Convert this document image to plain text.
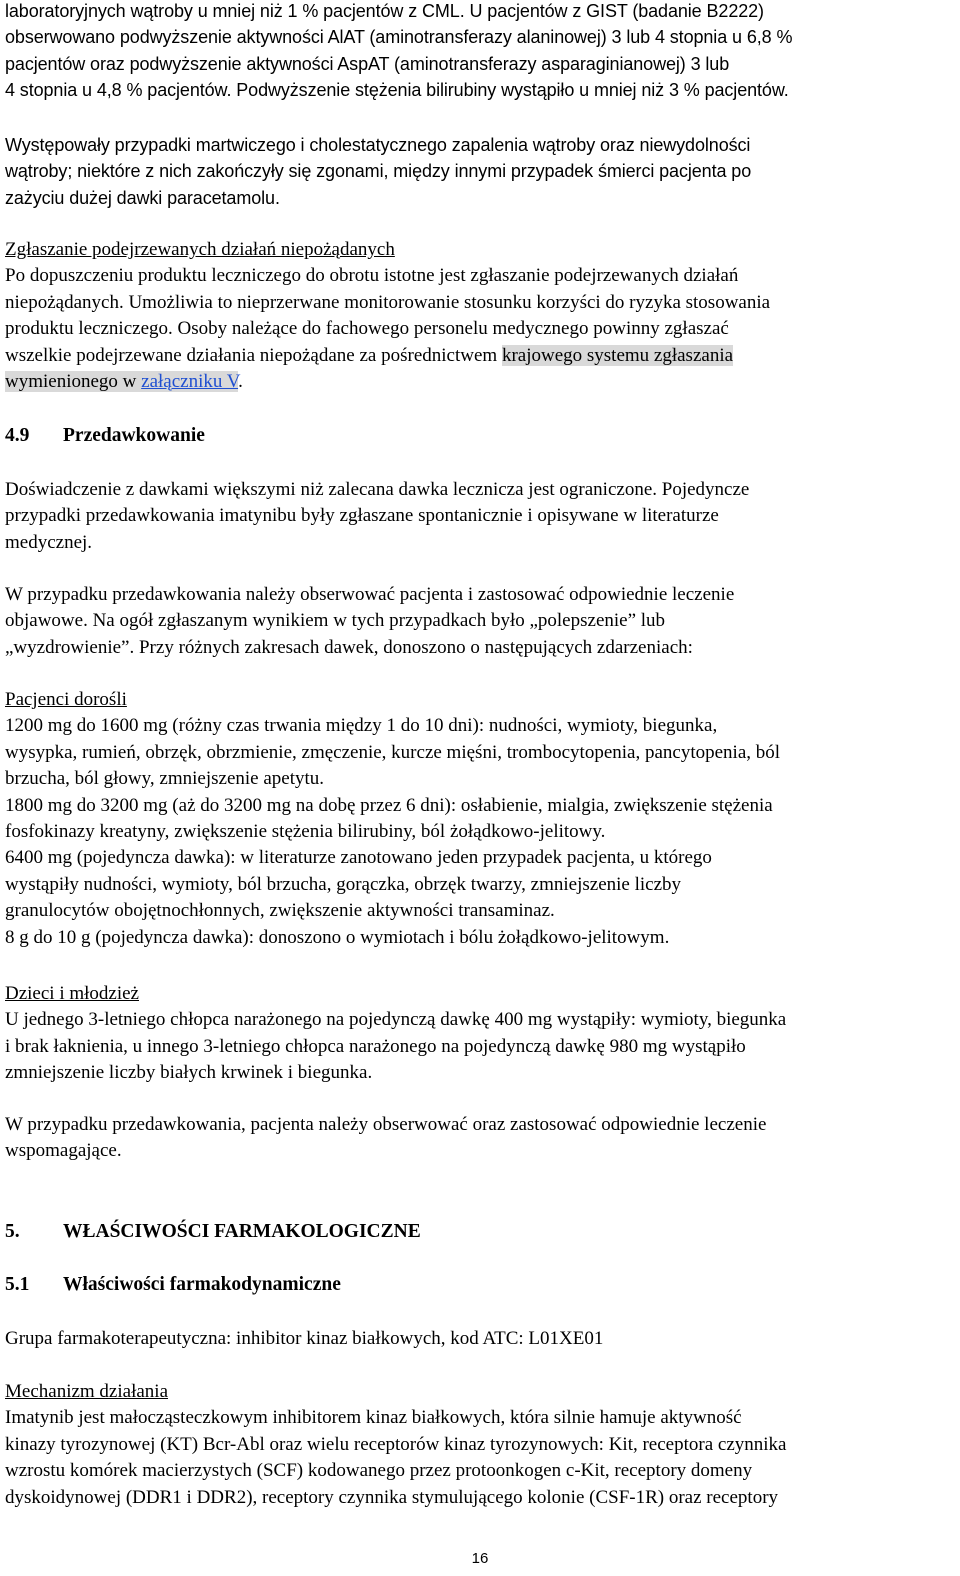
laboratoryjnych wątroby u mniej niż 1 % pacjentów z CML. U pacjentów z GIST (badanie B2222)
obserwowano podwyższenie aktywności AlAT (aminotransferazy alaninowej) 3 lub 4 stopnia u 6,8 %
pacjentów oraz podwyższenie aktywności AspAT (aminotransferazy asparaginianowej) 3 lub
4 stopnia u 4,8 % pacjentów. Podwyższenie stężenia bilirubiny wystąpiło u mniej niż 3 % pacjentów.
Występowały przypadki martwiczego i cholestatycznego zapalenia wątroby oraz niewydolności
wątroby; niektóre z nich zakończyły się zgonami, między innymi przypadek śmierci pacjenta po
zażyciu dużej dawki paracetamolu.
Zgłaszanie podejrzewanych działań niepożądanych
Po dopuszczeniu produktu leczniczego do obrotu istotne jest zgłaszanie podejrzewanych działań
niepożądanych. Umożliwia to nieprzerwane monitorowanie stosunku korzyści do ryzyka stosowania
produktu leczniczego. Osoby należące do fachowego personelu medycznego powinny zgłaszać
wszelkie podejrzewane działania niepożądane za pośrednictwem krajowego systemu zgłaszania
wymienionego w załączniku V.
4.9 Przedawkowanie
Doświadczenie z dawkami większymi niż zalecana dawka lecznicza jest ograniczone. Pojedyncze
przypadki przedawkowania imatynibu były zgłaszane spontanicznie i opisywane w literaturze
medycznej.
W przypadku przedawkowania należy obserwować pacjenta i zastosować odpowiednie leczenie
objawowe. Na ogół zgłaszanym wynikiem w tych przypadkach było „polepszenie” lub
„wyzdrowienie”. Przy różnych zakresach dawek, donoszono o następujących zdarzeniach:
Pacjenci dorośli
1200 mg do 1600 mg (różny czas trwania między 1 do 10 dni): nudności, wymioty, biegunka,
wysypka, rumień, obrzęk, obrzmienie, zmęczenie, kurcze mięśni, trombocytopenia, pancytopenia, ból
brzucha, ból głowy, zmniejszenie apetytu.
1800 mg do 3200 mg (aż do 3200 mg na dobę przez 6 dni): osłabienie, mialgia, zwiększenie stężenia
fosfokinazy kreatyny, zwiększenie stężenia bilirubiny, ból żołądkowo-jelitowy.
6400 mg (pojedyncza dawka): w literaturze zanotowano jeden przypadek pacjenta, u którego
wystąpiły nudności, wymioty, ból brzucha, gorączka, obrzęk twarzy, zmniejszenie liczby
granulocytów obojętnochłonnych, zwiększenie aktywności transaminaz.
8 g do 10 g (pojedyncza dawka): donoszono o wymiotach i bólu żołądkowo-jelitowym.
Dzieci i młodzież
U jednego 3-letniego chłopca narażonego na pojedynczą dawkę 400 mg wystąpiły: wymioty, biegunka
i brak łaknienia, u innego 3-letniego chłopca narażonego na pojedynczą dawkę 980 mg wystąpiło
zmniejszenie liczby białych krwinek i biegunka.
W przypadku przedawkowania, pacjenta należy obserwować oraz zastosować odpowiednie leczenie
wspomagające.
5. WŁAŚCIWOŚCI FARMAKOLOGICZNE
5.1 Właściwości farmakodynamiczne
Grupa farmakoterapeutyczna: inhibitor kinaz białkowych, kod ATC: L01XE01
Mechanizm działania
Imatynib jest małocząsteczkowym inhibitorem kinaz białkowych, która silnie hamuje aktywność
kinazy tyrozynowej (KT) Bcr-Abl oraz wielu receptorów kinaz tyrozynowych: Kit, receptora czynnika
wzrostu komórek macierzystych (SCF) kodowanego przez protoonkogen c-Kit, receptory domeny
dyskoidynowej (DDR1 i DDR2), receptory czynnika stymulującego kolonie (CSF-1R) oraz receptory
16
